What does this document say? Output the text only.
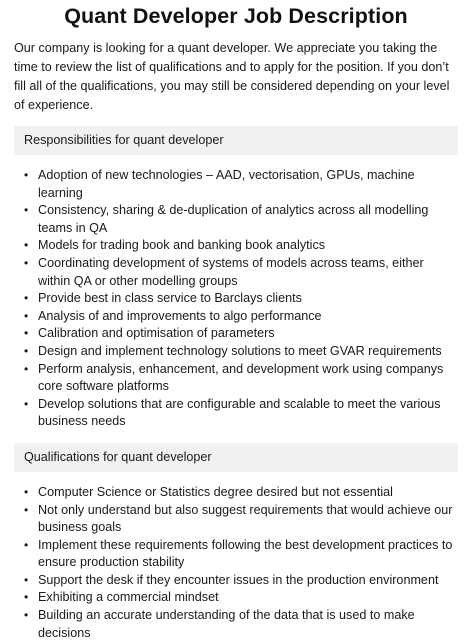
Quant Developer Job Description

Our company is looking for a quant developer. We appreciate you taking the time to review the list of qualifications and to apply for the position. If you don’t fill all of the qualifications, you may still be considered depending on your level of experience.

Responsibilities for quant developer
• Adoption of new technologies – AAD, vectorisation, GPUs, machine learning
• Consistency, sharing & de-duplication of analytics across all modelling teams in QA
• Models for trading book and banking book analytics
• Coordinating development of systems of models across teams, either within QA or other modelling groups
• Provide best in class service to Barclays clients
• Analysis of and improvements to algo performance
• Calibration and optimisation of parameters
• Design and implement technology solutions to meet GVAR requirements
• Perform analysis, enhancement, and development work using companys core software platforms
• Develop solutions that are configurable and scalable to meet the various business needs
Qualifications for quant developer
• Computer Science or Statistics degree desired but not essential
• Not only understand but also suggest requirements that would achieve our business goals
• Implement these requirements following the best development practices to ensure production stability
• Support the desk if they encounter issues in the production environment
• Exhibiting a commercial mindset
• Building an accurate understanding of the data that is used to make decisions
